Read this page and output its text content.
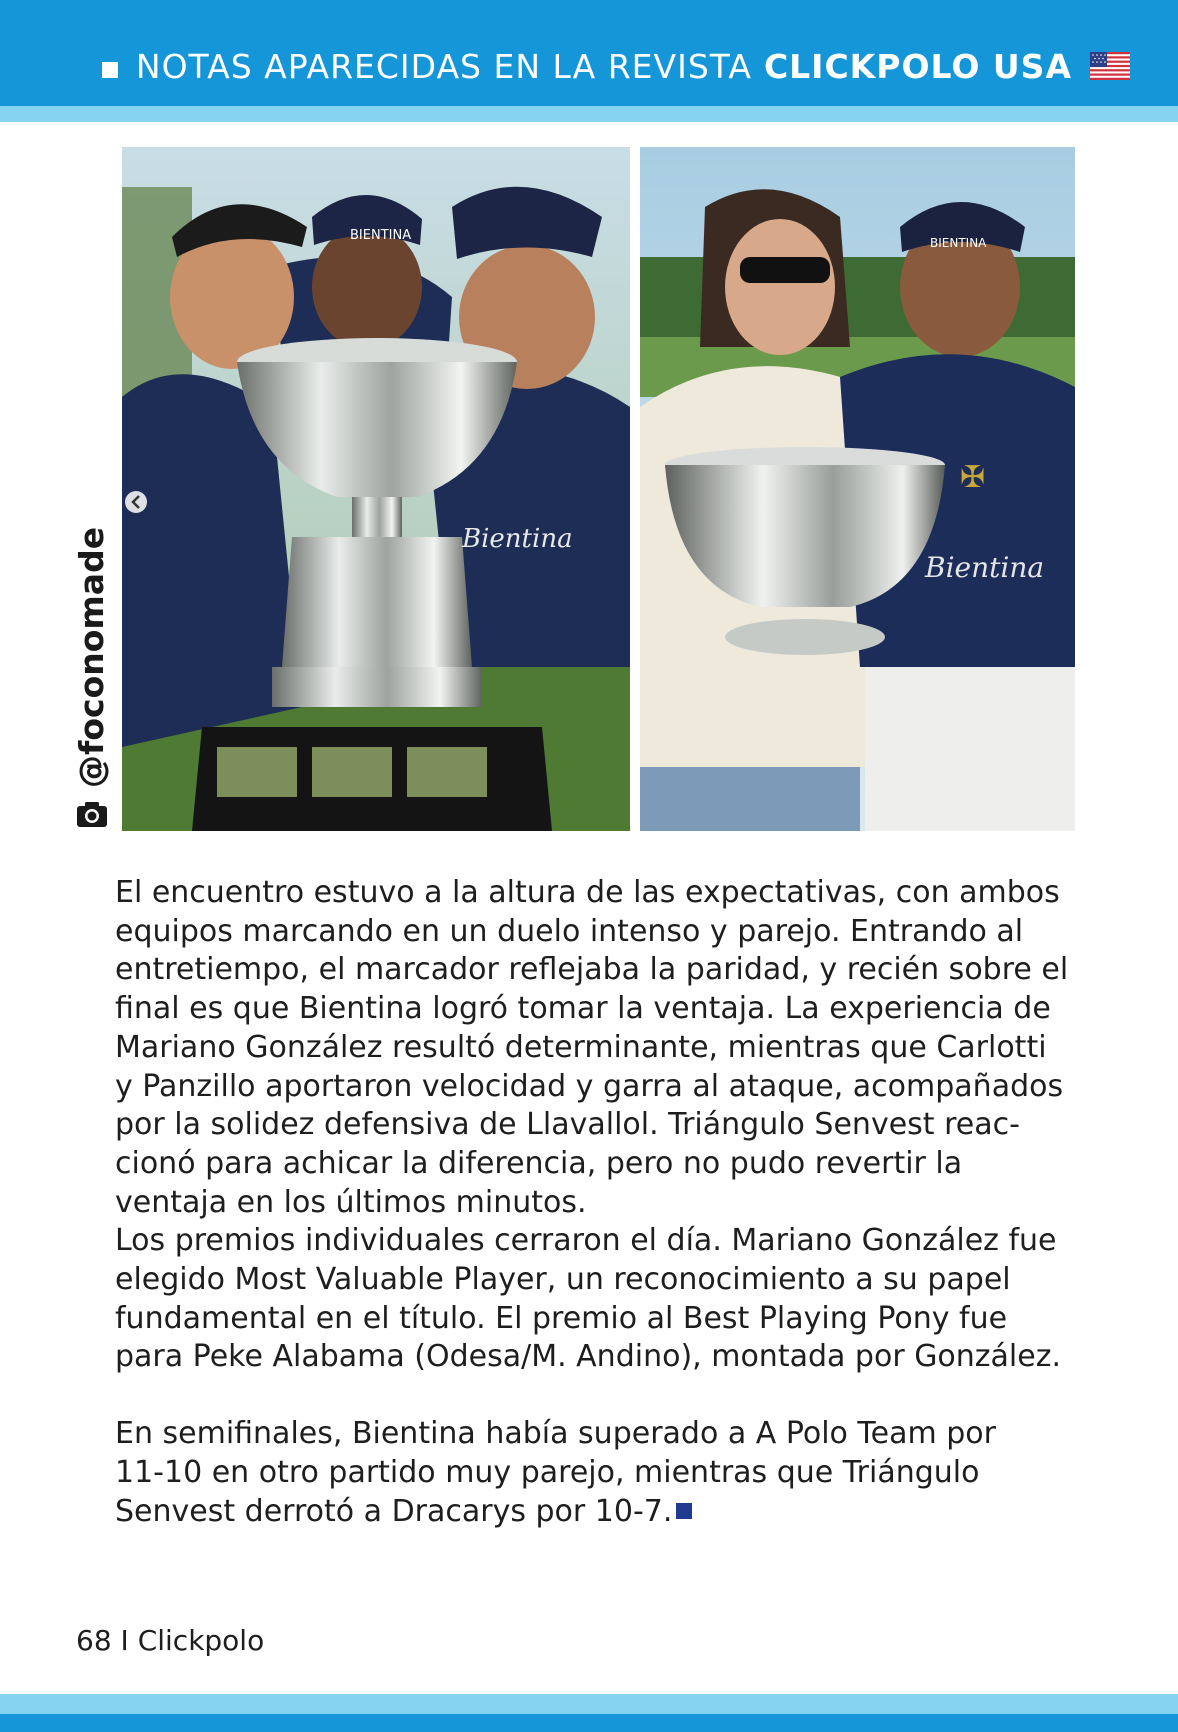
NOTAS APARECIDAS EN LA REVISTA CLICKPOLO USA
BIENTINA
Bientina
BIENTINA
✠
Bientina
@foconomade

El encuentro estuvo a la altura de las expectativas, con ambos
equipos marcando en un duelo intenso y parejo. Entrando al
entretiempo, el marcador reflejaba la paridad, y recién sobre el
final es que Bientina logró tomar la ventaja. La experiencia de
Mariano González resultó determinante, mientras que Carlotti
y Panzillo aportaron velocidad y garra al ataque, acompañados
por la solidez defensiva de Llavallol. Triángulo Senvest reac-
cionó para achicar la diferencia, pero no pudo revertir la
ventaja en los últimos minutos.

Los premios individuales cerraron el día. Mariano González fue
elegido Most Valuable Player, un reconocimiento a su papel
fundamental en el título. El premio al Best Playing Pony fue
para Peke Alabama (Odesa/M. Andino), montada por González.

En semifinales, Bientina había superado a A Polo Team por
11-10 en otro partido muy parejo, mientras que Triángulo
Senvest derrotó a Dracarys por 10-7.

68 I Clickpolo
